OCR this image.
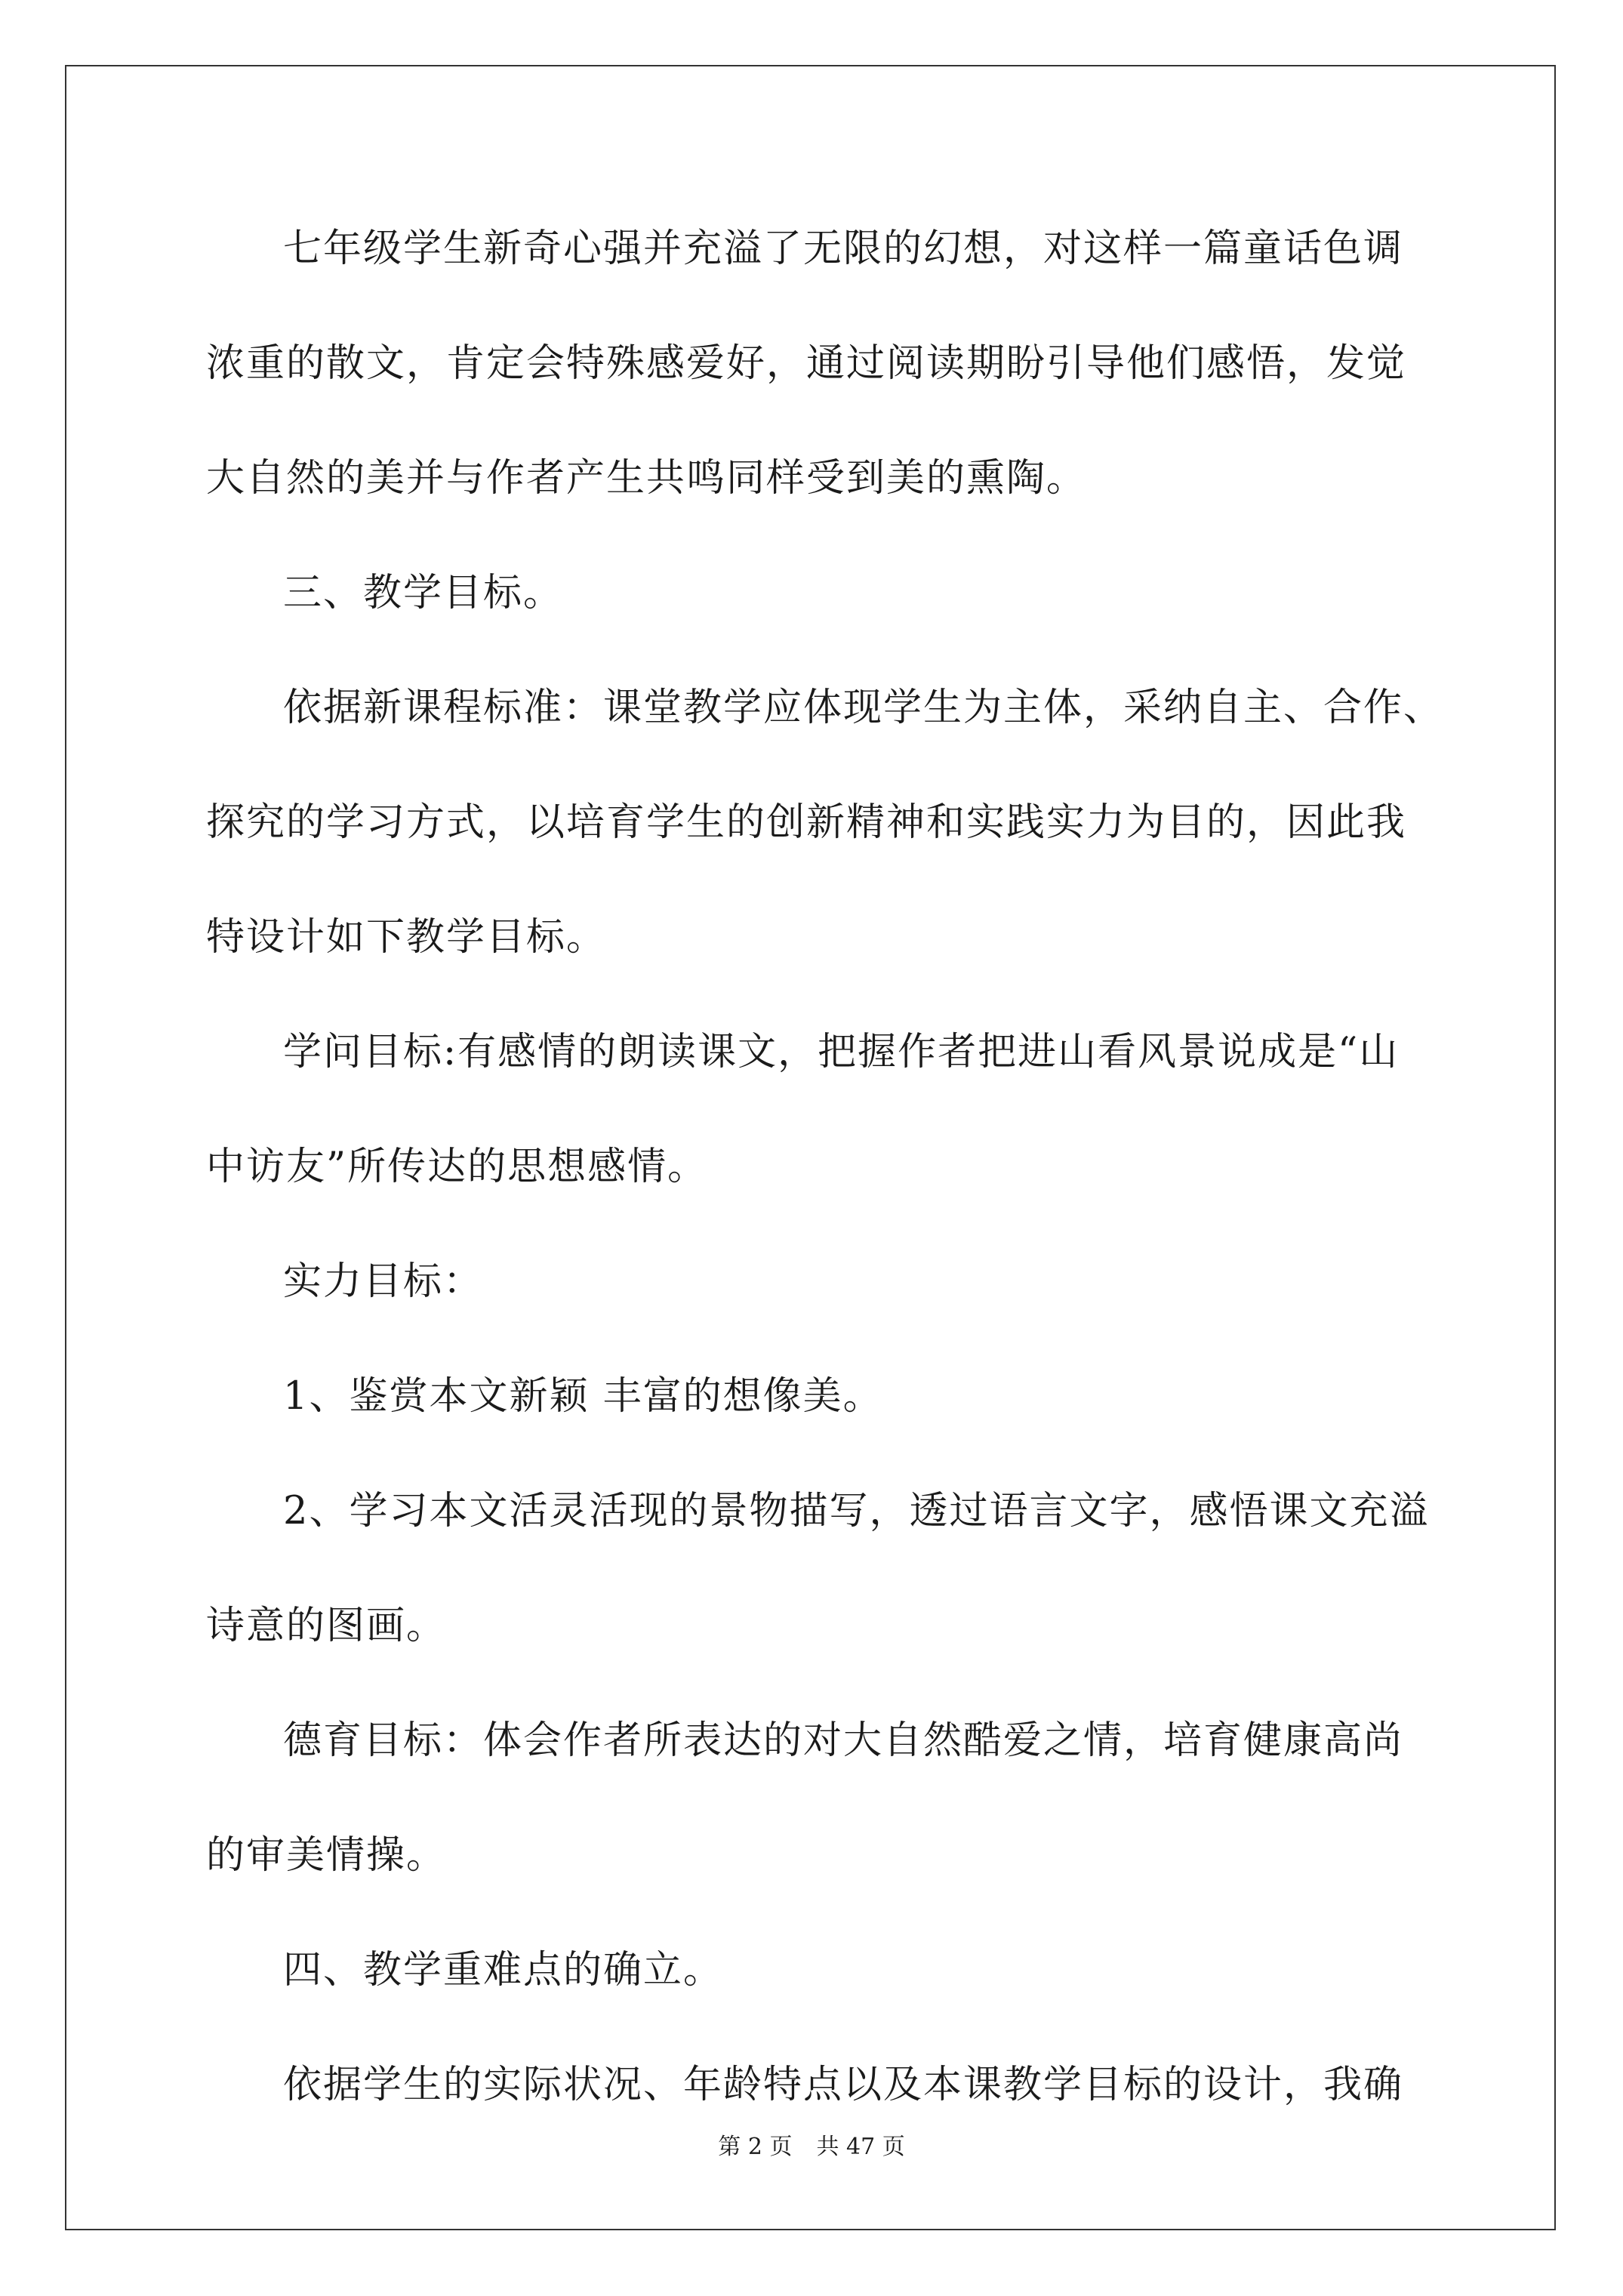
七年级学生新奇心强并充溢了无限的幻想，对这样一篇童话色调
浓重的散文，肯定会特殊感爱好，通过阅读期盼引导他们感悟，发觉
大自然的美并与作者产生共鸣同样受到美的熏陶。
三、教学目标。
依据新课程标准：课堂教学应体现学生为主体，采纳自主、合作、
探究的学习方式，以培育学生的创新精神和实践实力为目的，因此我
特设计如下教学目标。
学问目标:有感情的朗读课文，把握作者把进山看风景说成是“山
中访友”所传达的思想感情。
实力目标：
1、鉴赏本文新颖 丰富的想像美。
2、学习本文活灵活现的景物描写，透过语言文字，感悟课文充溢
诗意的图画。
德育目标：体会作者所表达的对大自然酷爱之情，培育健康高尚
的审美情操。
四、教学重难点的确立。
依据学生的实际状况、年龄特点以及本课教学目标的设计，我确
第 2 页 共 47 页
